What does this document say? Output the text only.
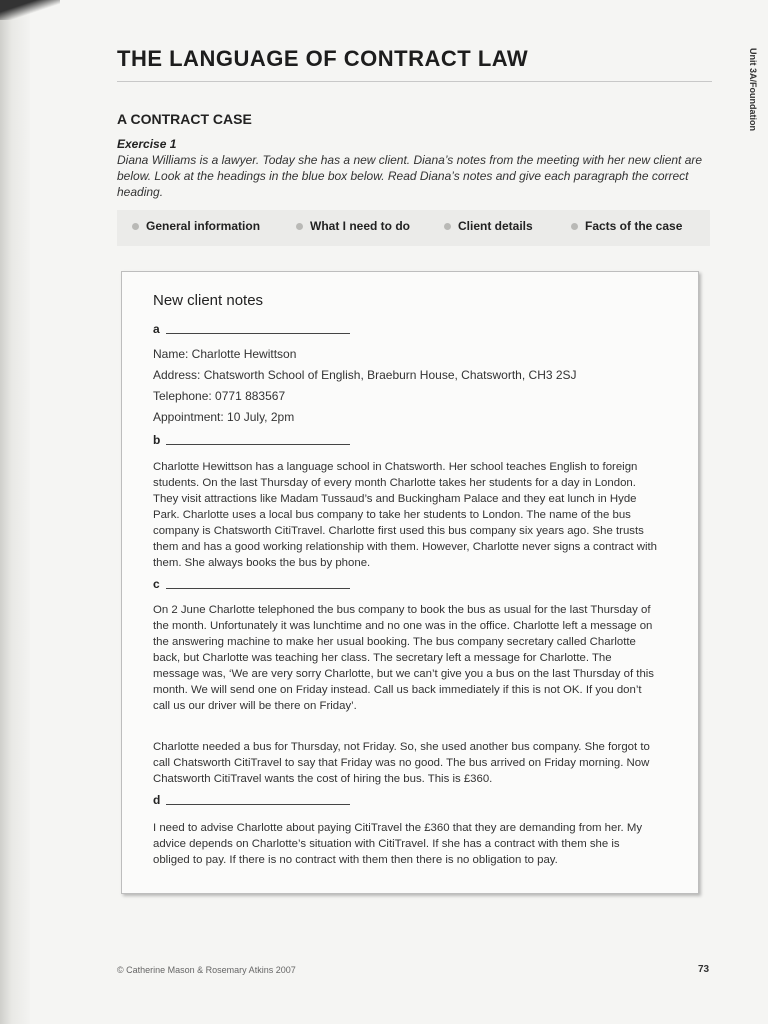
THE LANGUAGE OF CONTRACT LAW	Unit 3A/Foundation
A CONTRACT CASE
Exercise 1

Diana Williams is a lawyer. Today she has a new client. Diana’s notes from the meeting with her new client are below. Look at the headings in the blue box below. Read Diana’s notes and give each paragraph the correct heading.

General information	What I need to do	Client details	Facts of the case
New client notes
a

Name: Charlotte Hewittson

Address: Chatsworth School of English, Braeburn House, Chatsworth, CH3 2SJ

Telephone: 0771 883567

Appointment: 10 July, 2pm

b

Charlotte Hewittson has a language school in Chatsworth. Her school teaches English to foreign students. On the last Thursday of every month Charlotte takes her students for a day in London. They visit attractions like Madam Tussaud’s and Buckingham Palace and they eat lunch in Hyde Park. Charlotte uses a local bus company to take her students to London. The name of the bus company is Chatsworth CitiTravel. Charlotte first used this bus company six years ago. She trusts them and has a good working relationship with them. However, Charlotte never signs a contract with them. She always books the bus by phone.

c

On 2 June Charlotte telephoned the bus company to book the bus as usual for the last Thursday of the month. Unfortunately it was lunchtime and no one was in the office. Charlotte left a message on the answering machine to make her usual booking. The bus company secretary called Charlotte back, but Charlotte was teaching her class. The secretary left a message for Charlotte. The message was, ‘We are very sorry Charlotte, but we can’t give you a bus on the last Thursday of this month. We will send one on Friday instead. Call us back immediately if this is not OK. If you don’t call us our driver will be there on Friday’.

Charlotte needed a bus for Thursday, not Friday. So, she used another bus company. She forgot to call Chatsworth CitiTravel to say that Friday was no good. The bus arrived on Friday morning. Now Chatsworth CitiTravel wants the cost of hiring the bus. This is £360.

d

I need to advise Charlotte about paying CitiTravel the £360 that they are demanding from her. My advice depends on Charlotte’s situation with CitiTravel. If she has a contract with them she is obliged to pay. If there is no contract with them then there is no obligation to pay.

© Catherine Mason & Rosemary Atkins 2007	73
